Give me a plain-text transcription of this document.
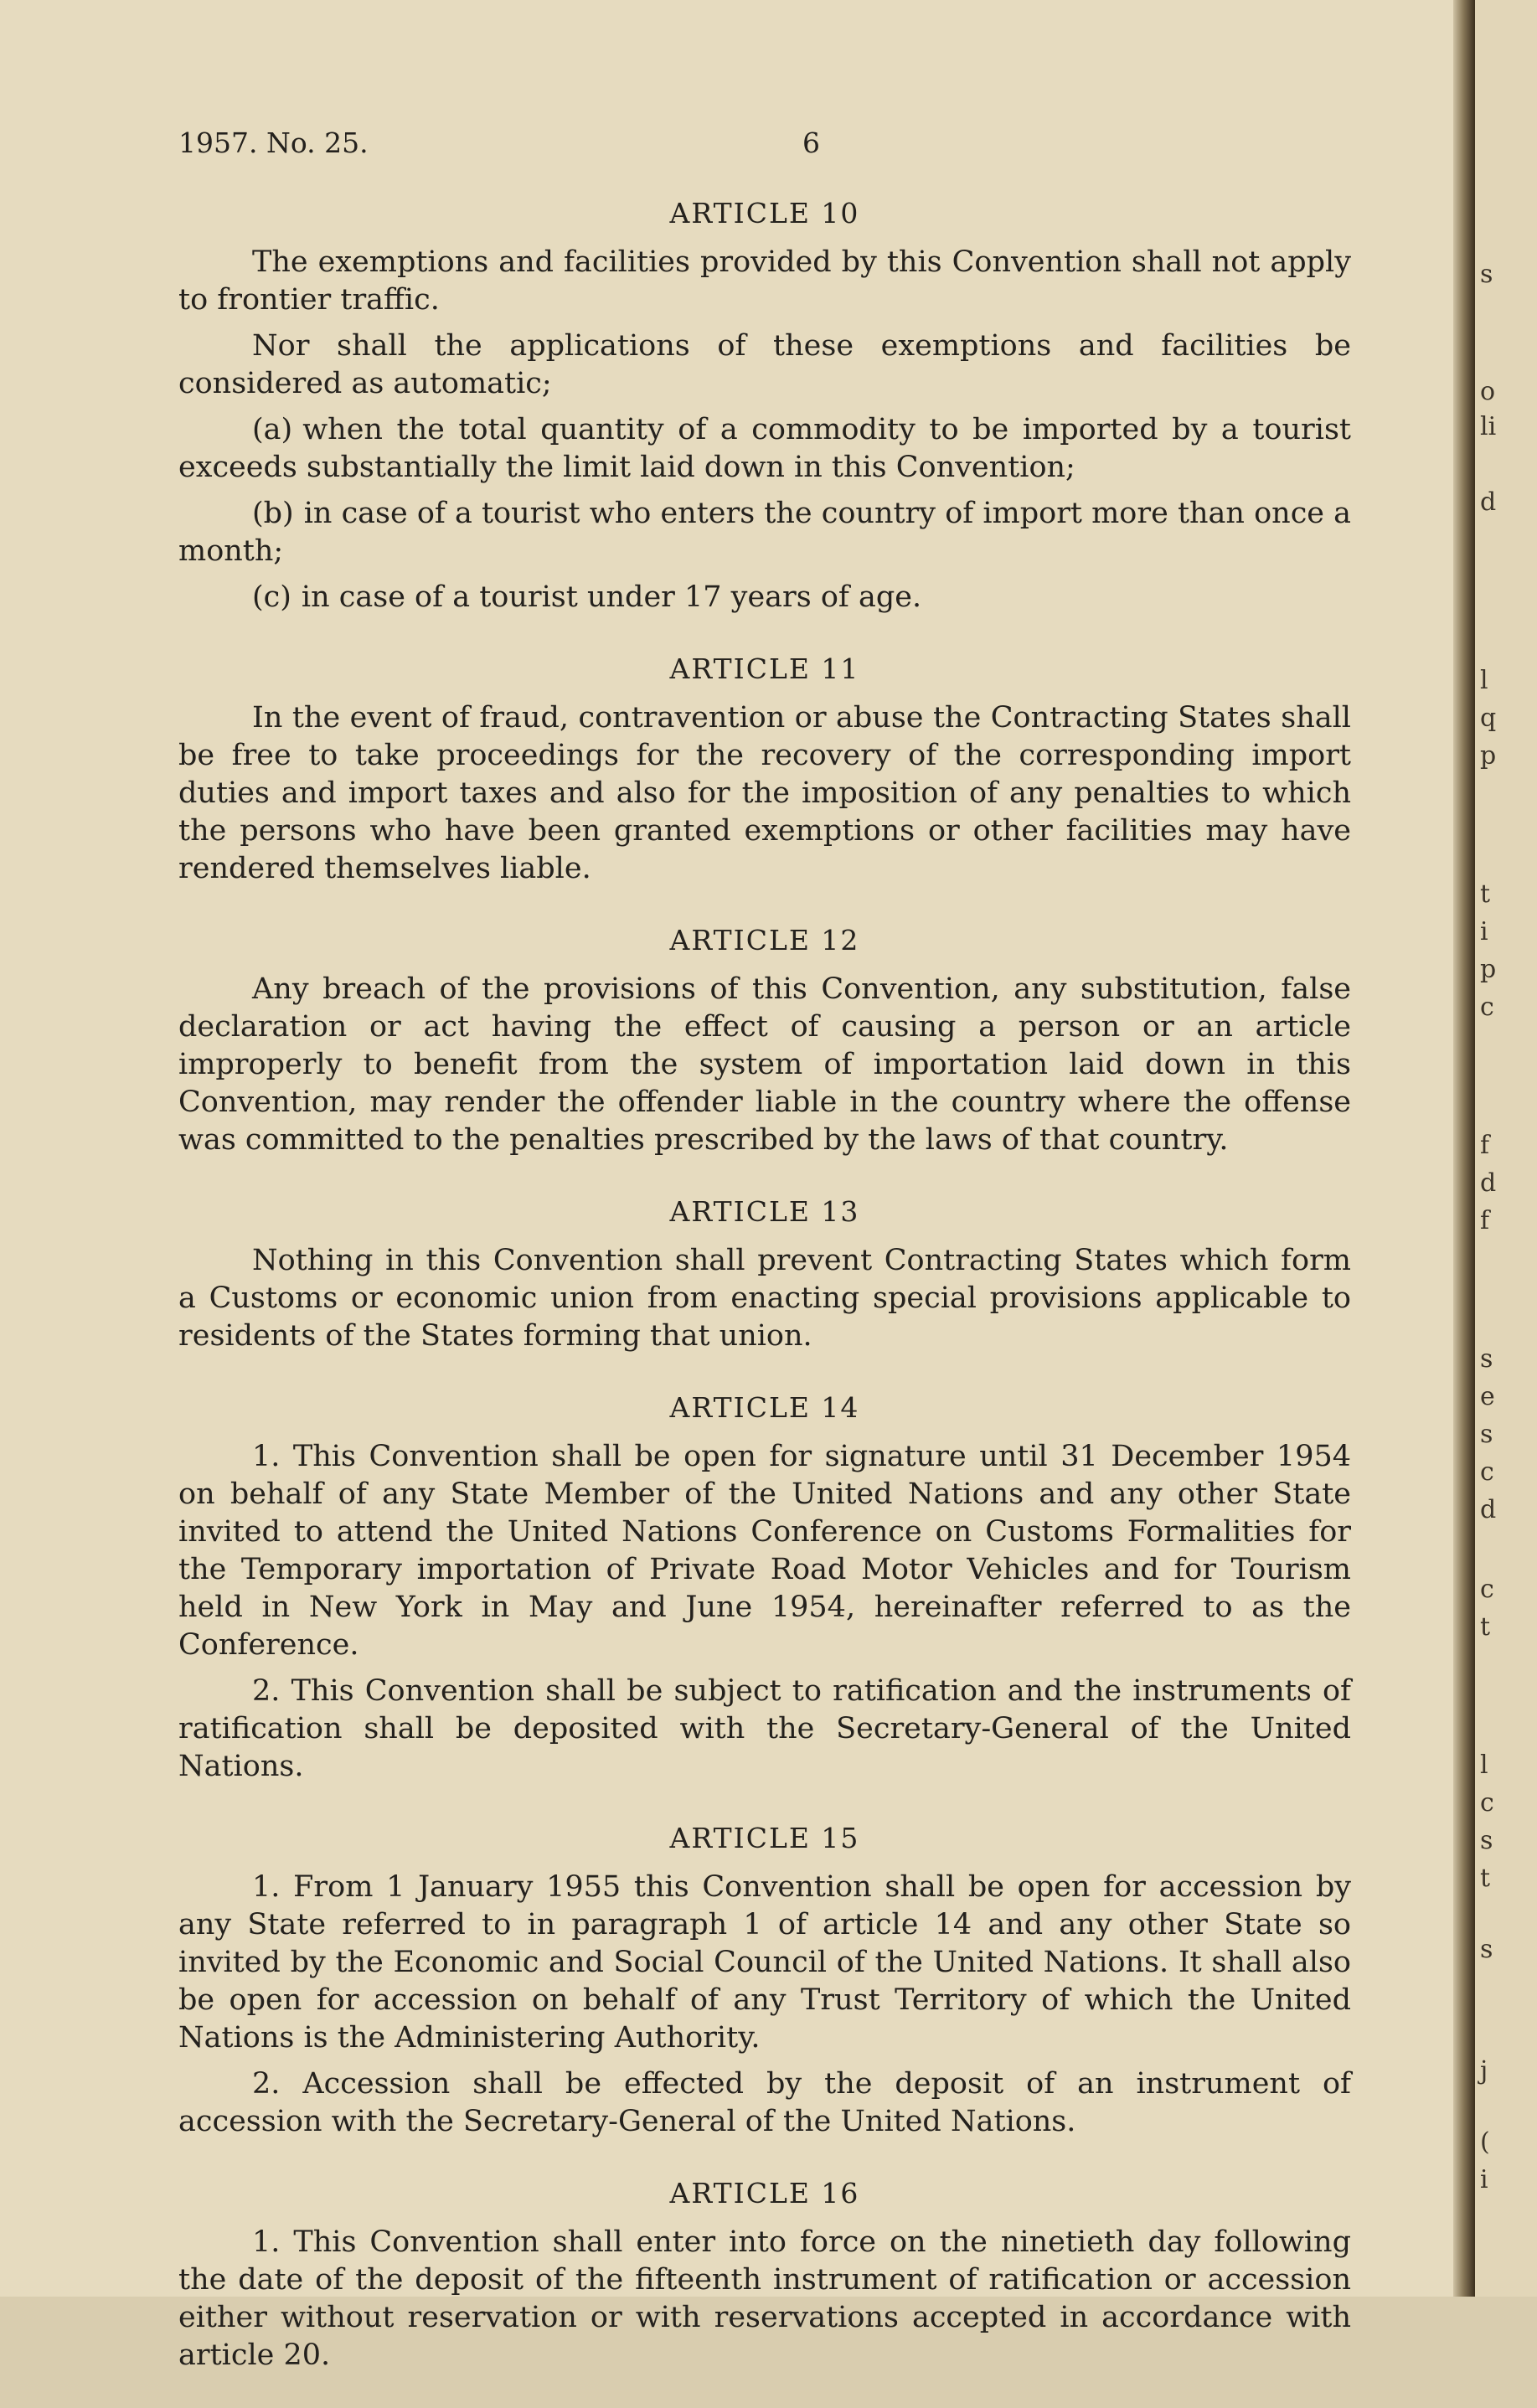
1957. No. 25.	6
ARTICLE 10

The exemptions and facilities provided by this Convention shall not apply to frontier traffic.

Nor shall the applications of these exemptions and facilities be considered as automatic;

(a) when the total quantity of a commodity to be imported by a tourist exceeds substantially the limit laid down in this Convention;

(b) in case of a tourist who enters the country of import more than once a month;

(c) in case of a tourist under 17 years of age.

ARTICLE 11

In the event of fraud, contravention or abuse the Contracting States shall be free to take proceedings for the recovery of the corresponding import duties and import taxes and also for the imposition of any penalties to which the persons who have been granted exemptions or other facilities may have rendered themselves liable.

ARTICLE 12

Any breach of the provisions of this Convention, any substitution, false declaration or act having the effect of causing a person or an article improperly to benefit from the system of importation laid down in this Convention, may render the offender liable in the country where the offense was committed to the penalties prescribed by the laws of that country.

ARTICLE 13

Nothing in this Convention shall prevent Contracting States which form a Customs or economic union from enacting special provisions applicable to residents of the States forming that union.

ARTICLE 14

1. This Convention shall be open for signature until 31 December 1954 on behalf of any State Member of the United Nations and any other State invited to attend the United Nations Conference on Customs Formalities for the Temporary importation of Private Road Motor Vehicles and for Tourism held in New York in May and June 1954, hereinafter referred to as the Conference.

2. This Convention shall be subject to ratification and the instruments of ratification shall be deposited with the Secretary-General of the United Nations.

ARTICLE 15

1. From 1 January 1955 this Convention shall be open for accession by any State referred to in paragraph 1 of article 14 and any other State so invited by the Economic and Social Council of the United Nations. It shall also be open for accession on behalf of any Trust Territory of which the United Nations is the Administering Authority.

2. Accession shall be effected by the deposit of an instrument of accession with the Secretary-General of the United Nations.

ARTICLE 16

1. This Convention shall enter into force on the ninetieth day following the date of the deposit of the fifteenth instrument of ratification or accession either without reservation or with reservations accepted in accordance with article 20.

s
o
li
d
l
q
p
t
i
p
c
f
d
f
s
e
s
c
d
c
t
l
c
s
t
s
j
(
i
